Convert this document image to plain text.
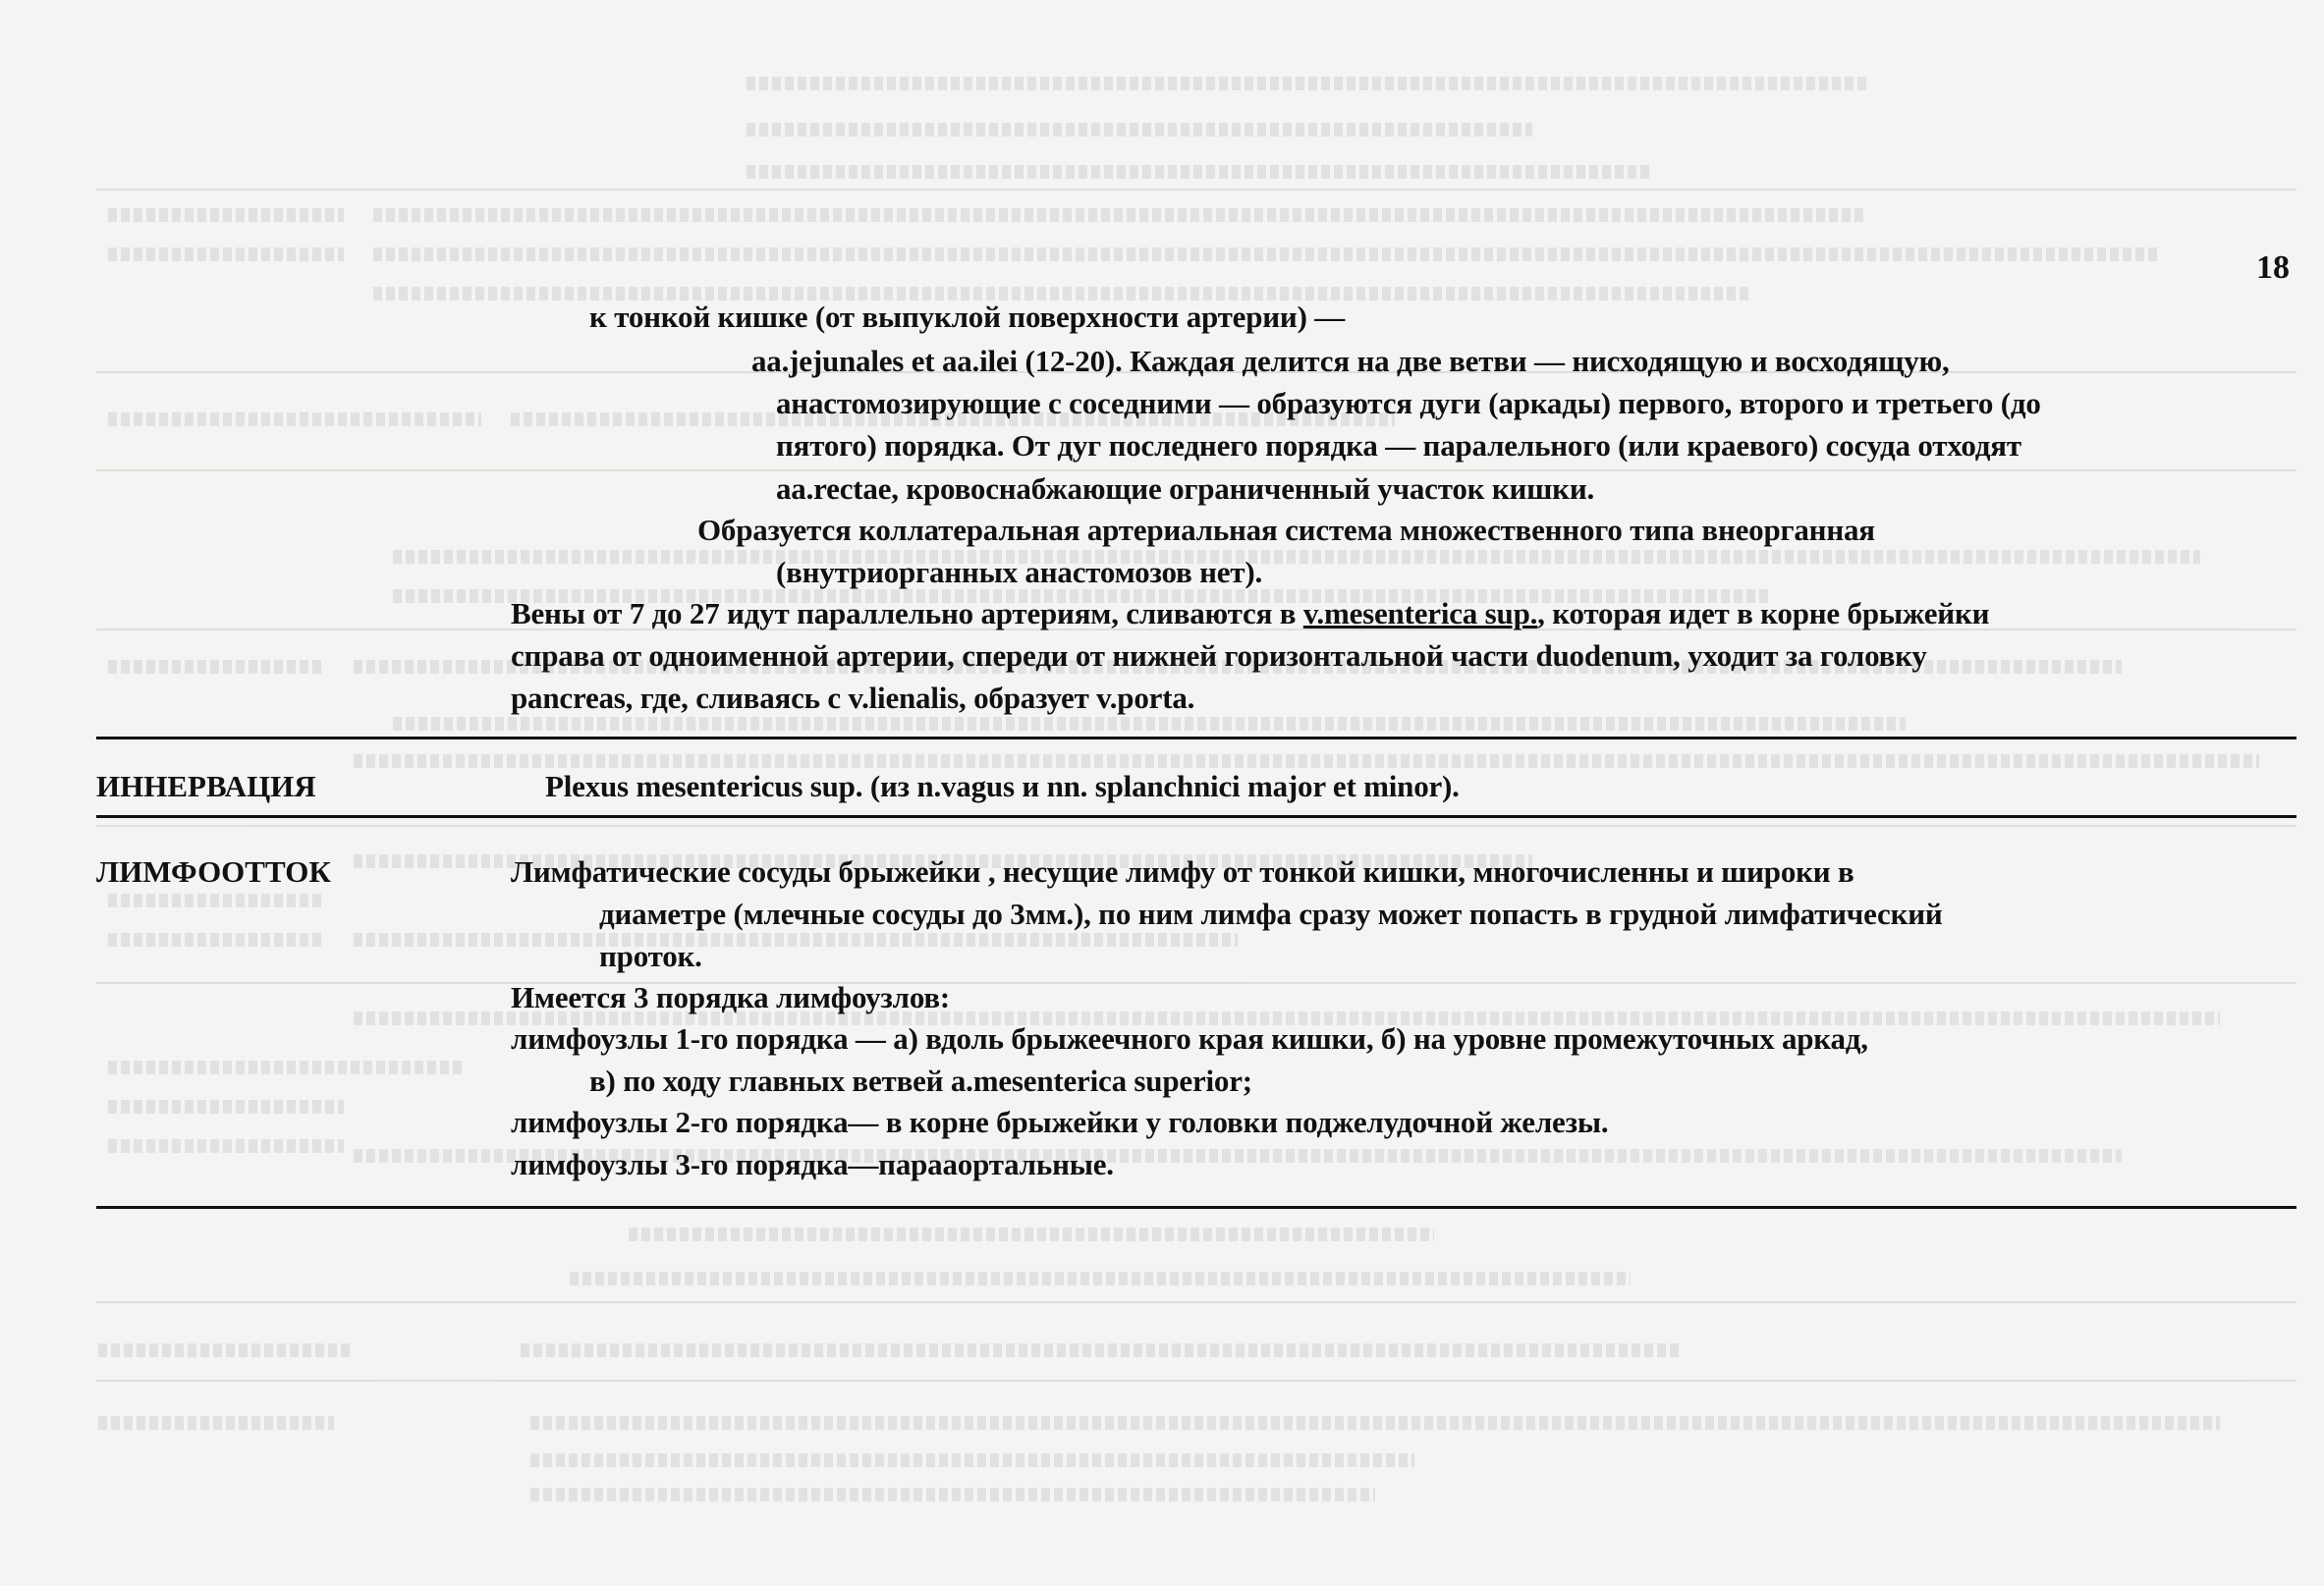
18
к тонкой кишке (от выпуклой поверхности артерии) —
aa.jejunales et aa.ilei (12-20). Каждая делится на две ветви — нисходящую и восходящую,
анастомозирующие с соседними — образуются дуги (аркады) первого, второго и третьего (до
пятого) порядка. От дуг последнего порядка — паралельного (или краевого) сосуда отходят
aa.rectae, кровоснабжающие ограниченный участок кишки.
Образуется коллатеральная артериальная система множественного типа внеорганная
(внутриорганных анастомозов нет).
Вены от 7 до 27 идут параллельно артериям, сливаются в v.mesenterica sup., которая идет в корне брыжейки
справа от одноименной артерии, спереди от нижней горизонтальной части duodenum, уходит за головку
pancreas, где, сливаясь с v.lienalis, образует v.porta.
ИННЕРВАЦИЯ	Plexus mesentericus sup. (из n.vagus и nn. splanchnici major et minor).
ЛИМФООТТОК	Лимфатические сосуды брыжейки , несущие лимфу от тонкой кишки, многочисленны и широки в
диаметре (млечные сосуды до 3мм.), по ним лимфа сразу может попасть в грудной лимфатический
проток.
Имеется 3 порядка лимфоузлов:
лимфоузлы 1-го порядка — а) вдоль брыжеечного края кишки, б) на уровне промежуточных аркад,
в) по ходу главных ветвей a.mesenterica superior;
лимфоузлы 2-го порядка— в корне брыжейки у головки поджелудочной железы.
лимфоузлы 3-го порядка—парааортальные.
